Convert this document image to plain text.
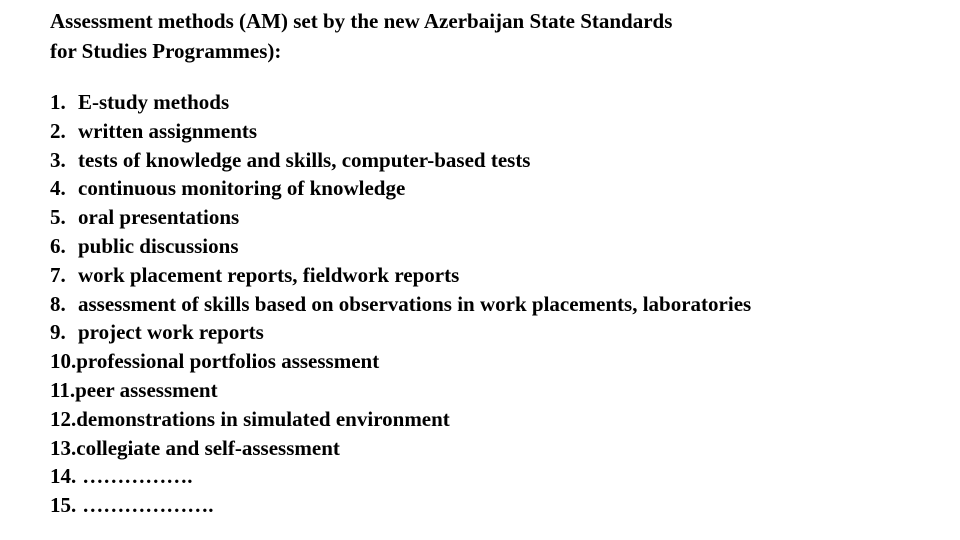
Assessment methods (AM) set by the new Azerbaijan State Standards
for Studies Programmes):
1. E-study methods
2. written assignments
3. tests of knowledge and skills, computer-based tests
4. continuous monitoring of knowledge
5. oral presentations
6. public discussions
7. work placement reports, fieldwork reports
8. assessment of skills based on observations in work placements, laboratories
9. project work reports
10. professional portfolios assessment
11. peer assessment
12. demonstrations in simulated environment
13. collegiate and self-assessment
14. …………….
15. ……………….
